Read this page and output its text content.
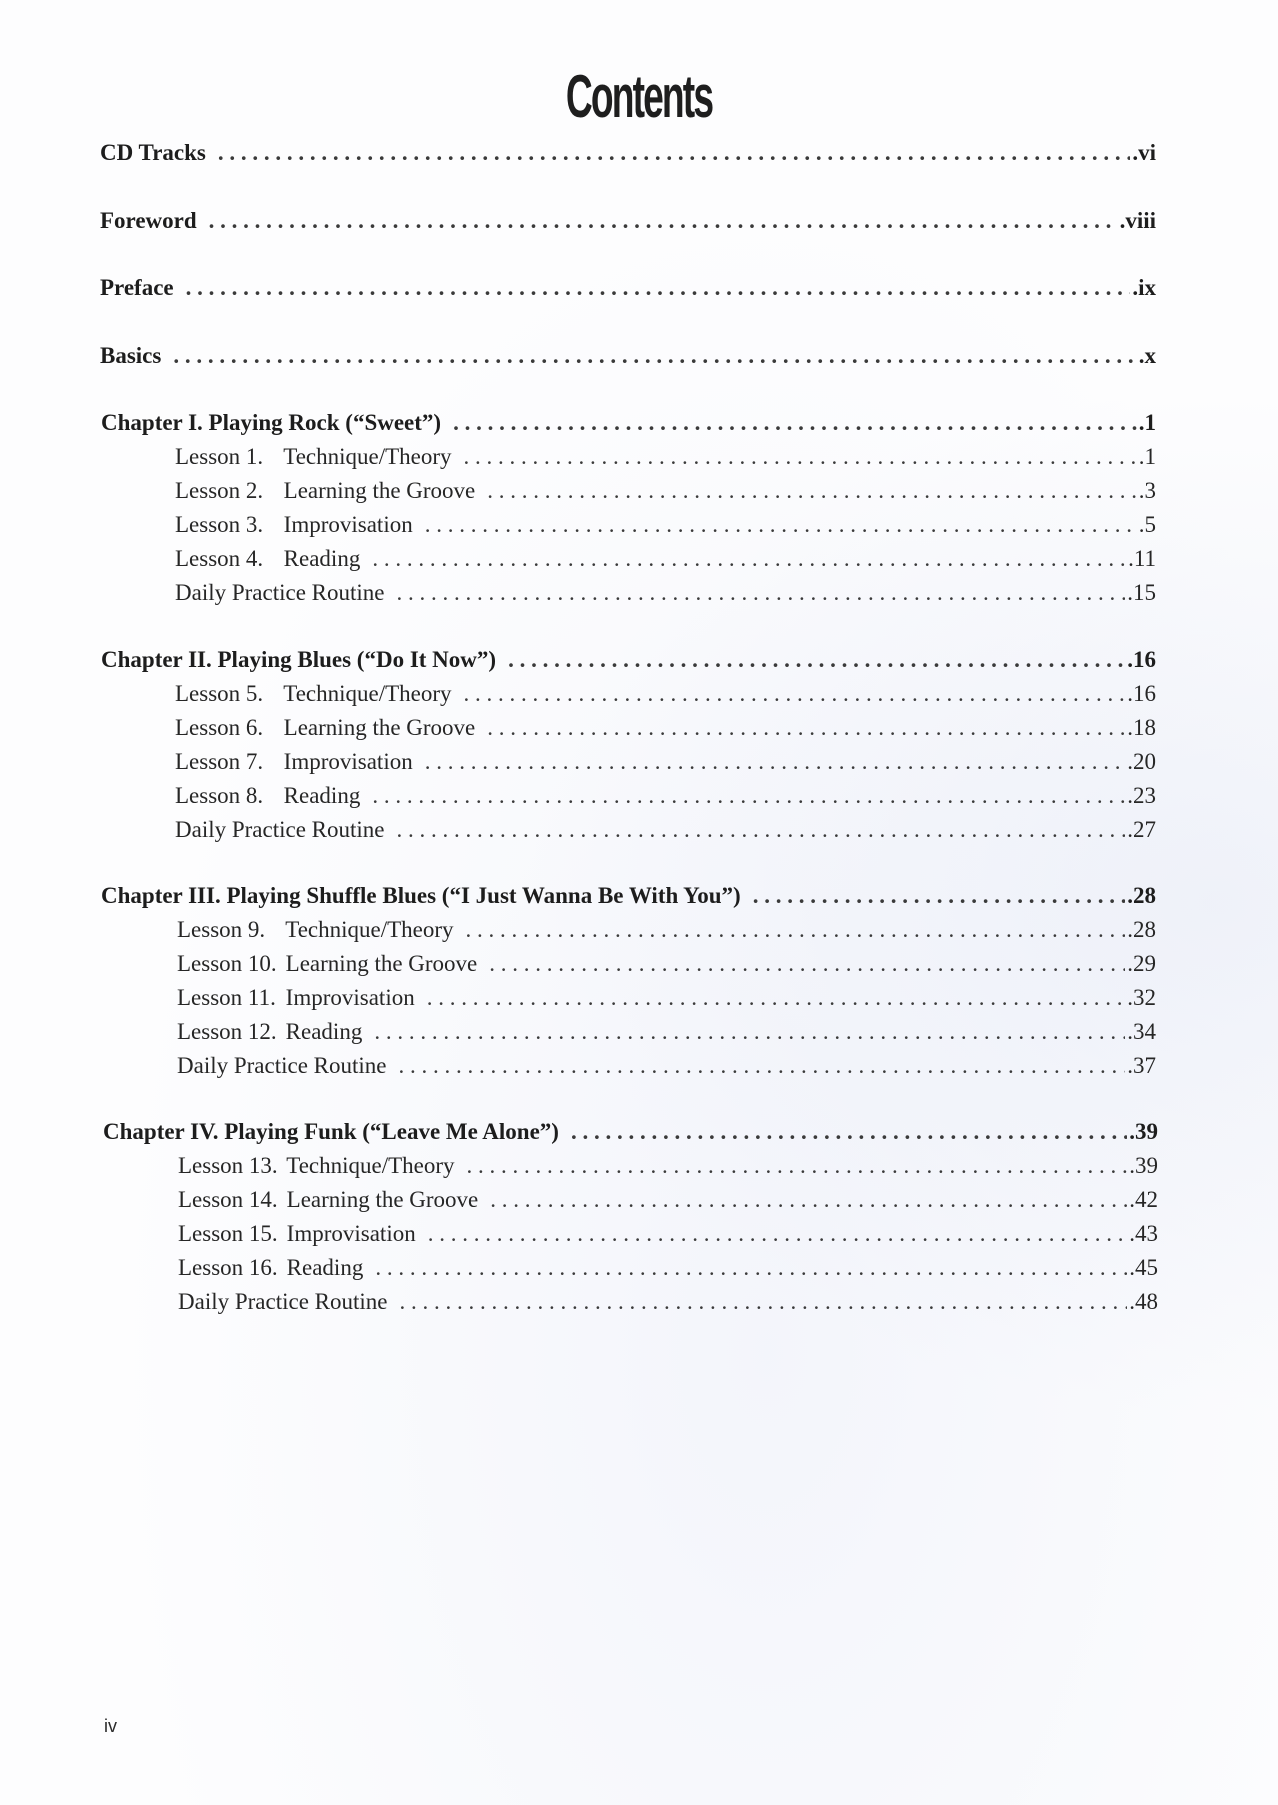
Contents
CD Tracks . . .	.vi
Foreword . . .	.viii
Preface . . .	.ix
Basics . . .	.x
Chapter I. Playing Rock (“Sweet”) . . .	.1
Lesson 1. Technique/Theory . . .	.1
Lesson 2. Learning the Groove . . .	.3
Lesson 3. Improvisation . . .	.5
Lesson 4. Reading . . .	.11
Daily Practice Routine . . .	.15
Chapter II. Playing Blues (“Do It Now”) . . .	.16
Lesson 5. Technique/Theory . . .	.16
Lesson 6. Learning the Groove . . .	.18
Lesson 7. Improvisation . . .	.20
Lesson 8. Reading . . .	.23
Daily Practice Routine . . .	.27
Chapter III. Playing Shuffle Blues (“I Just Wanna Be With You”) . . .	.28
Lesson 9. Technique/Theory . . .	.28
Lesson 10. Learning the Groove . . .	.29
Lesson 11. Improvisation . . .	.32
Lesson 12. Reading . . .	.34
Daily Practice Routine . . .	.37
Chapter IV. Playing Funk (“Leave Me Alone”) . . .	.39
Lesson 13. Technique/Theory . . .	.39
Lesson 14. Learning the Groove . . .	.42
Lesson 15. Improvisation . . .	.43
Lesson 16. Reading . . .	.45
Daily Practice Routine . . .	.48
iv
